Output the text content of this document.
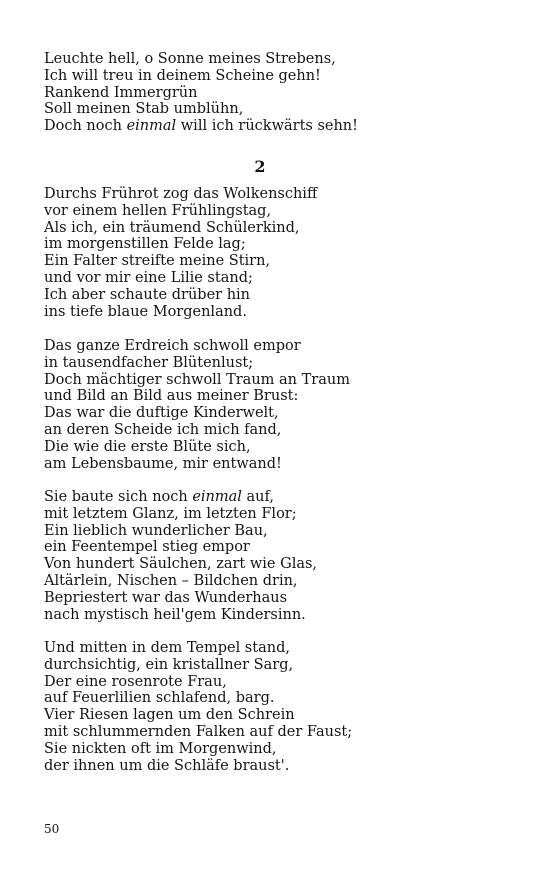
Leuchte hell, o Sonne meines Strebens,
Ich will treu in deinem Scheine gehn!
Rankend Immergrün
Soll meinen Stab umblühn,
Doch noch einmal will ich rückwärts sehn!
2
Durchs Frührot zog das Wolkenschiff
vor einem hellen Frühlingstag,
Als ich, ein träumend Schülerkind,
im morgenstillen Felde lag;
Ein Falter streifte meine Stirn,
und vor mir eine Lilie stand;
Ich aber schaute drüber hin
ins tiefe blaue Morgenland.
Das ganze Erdreich schwoll empor
in tausendfacher Blütenlust;
Doch mächtiger schwoll Traum an Traum
und Bild an Bild aus meiner Brust:
Das war die duftige Kinderwelt,
an deren Scheide ich mich fand,
Die wie die erste Blüte sich,
am Lebensbaume, mir entwand!
Sie baute sich noch einmal auf,
mit letztem Glanz, im letzten Flor;
Ein lieblich wunderlicher Bau,
ein Feentempel stieg empor
Von hundert Säulchen, zart wie Glas,
Altärlein, Nischen – Bildchen drin,
Bepriestert war das Wunderhaus
nach mystisch heil'gem Kindersinn.
Und mitten in dem Tempel stand,
durchsichtig, ein kristallner Sarg,
Der eine rosenrote Frau,
auf Feuerlilien schlafend, barg.
Vier Riesen lagen um den Schrein
mit schlummernden Falken auf der Faust;
Sie nickten oft im Morgenwind,
der ihnen um die Schläfe braust'.
50
